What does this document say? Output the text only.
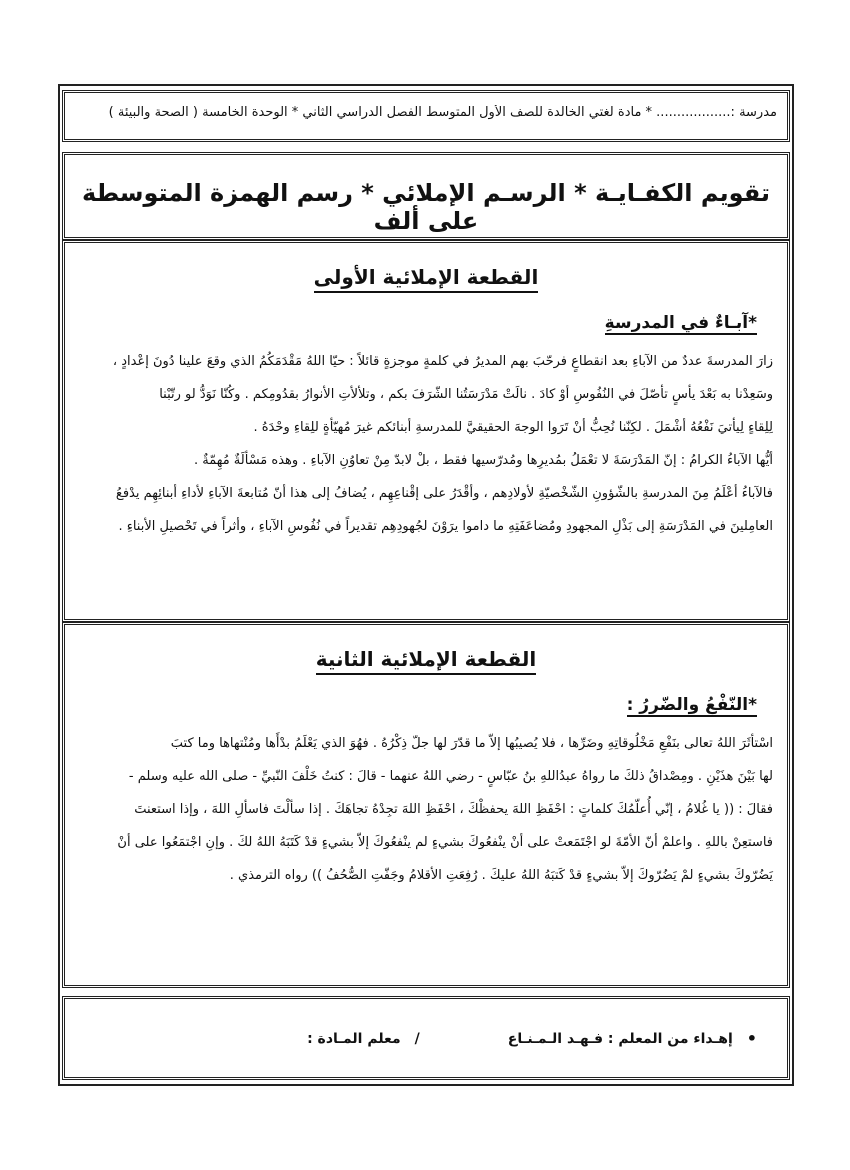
مدرسة :.................. * مادة لغتي الخالدة للصف الأول المتوسط الفصل الدراسي الثاني * الوحدة الخامسة ( الصحة والبيئة )
تقويم الكفـايـة * الرسـم الإملائي * رسم الهمزة المتوسطة على ألف
القطعة الإملائية الأولى
*آبـاءٌ في المدرسةِ

زارَ المدرسةَ عددٌ من الآباءِ بعد انقطاعٍ فرحّبَ بهم المديرُ في كلمةٍ موجزةٍ قائلاً : حيّا اللهُ مَقْدَمَكُمُ الذي وقعَ علينا دُونَ إعْدادٍ ،

وسَعِدْنا به بَعْدَ يأسٍ تأصّلَ في النُفُوسِ أوْ كادَ . نالَتْ مَدْرَسَتُنا الشّرَفَ بكم ، وتلألأتِ الأنوارُ بقدُومِكم . وكُنّا نَوَدُّ لو رتّبْنا

لِلِقاءٍ لِيأتيَ نَفْعُهُ أشْمَلَ . لكِنّنا نُحِبُّ أنْ تَرَوا الوجهَ الحقيقيَّ للمدرسةِ أبنائكم غيرَ مُهيّأةٍ للِقاءِ وحْدَهُ .

أيُّها الآباءُ الكرامُ : إنّ المَدْرَسَةَ لا تعْمَلُ بمُديرِها ومُدرّسيها فقط ، بلْ لابدّ مِنْ تعاوُنِ الآباءِ . وهذه مَسْألَةٌ مُهِمّةٌ .

فالآباءُ أعْلَمُ مِنَ المدرسةِ بالشّؤونِ الشّخْصيّةِ لأولادِهم ، وأقْدَرُ على إقْناعِهِم ، يُضافُ إلى هذا أنّ مُتابعةَ الآباءِ لأداءِ أبنائِهِم يدْفعُ

العامِلينَ في المَدْرَسَةِ إلى بَذْلِ المجهودِ ومُضاعَفَتِهِ ما داموا يرَوْنَ لجُهودِهِم تقديراً في نُفُوسِ الآباءِ ، وأثراً في تَحْصيلِ الأبناءِ .

القطعة الإملائية الثانية
*النّفْعُ والضّررُ :

اسْتأثَرَ اللهُ تعالى بنَفْعِ مَخْلُوقاتِهِ وضَرِّها ، فلا يُصيبُها إلاّ ما قدّرَ لها جلّ ذِكْرُهُ . فهُوَ الذي يَعْلَمُ بدْأَها ومُنْتهاها وما كتبَ

لها بَيْنَ هذَيْنِ . ومِصْداقُ ذلكَ ما رواهُ عبدُاللهِ بنُ عبّاسٍ - رضي اللهُ عنهما - قالَ : كنتُ خَلْفَ النّبيِّ - صلى الله عليه وسلم -

فقالَ : (( يا غُلامُ ، إنّي أُعلّمُكَ كلماتٍ : احْفَظِ اللهَ يحفظْكَ ، احْفَظِ اللهَ تجِدْهُ تجاهَكَ . إذا سألْتَ فاسألِ اللهَ ، وإذا استعنتَ

فاستعِنْ باللهِ . واعلمْ أنّ الأمّةَ لو اجْتَمَعتْ على أنْ ينْفعُوكَ بشيءٍ لم ينْفعُوكَ إلاّ بشيءٍ قدْ كَتَبَهُ اللهُ لكَ . وإنِ اجْتمَعُوا على أنْ

يَضُرّوكَ بشيءٍ لمْ يَضُرّوكَ إلاّ بشيءٍ قدْ كَتبَهُ اللهُ عليكَ . رُفِعَتِ الأقلامُ وجَفّتِ الصُّحُفُ )) رواه الترمذي .

•
إهـداء من المعلم : فـهـد الـمـنـاع
/
معلم المـادة :
